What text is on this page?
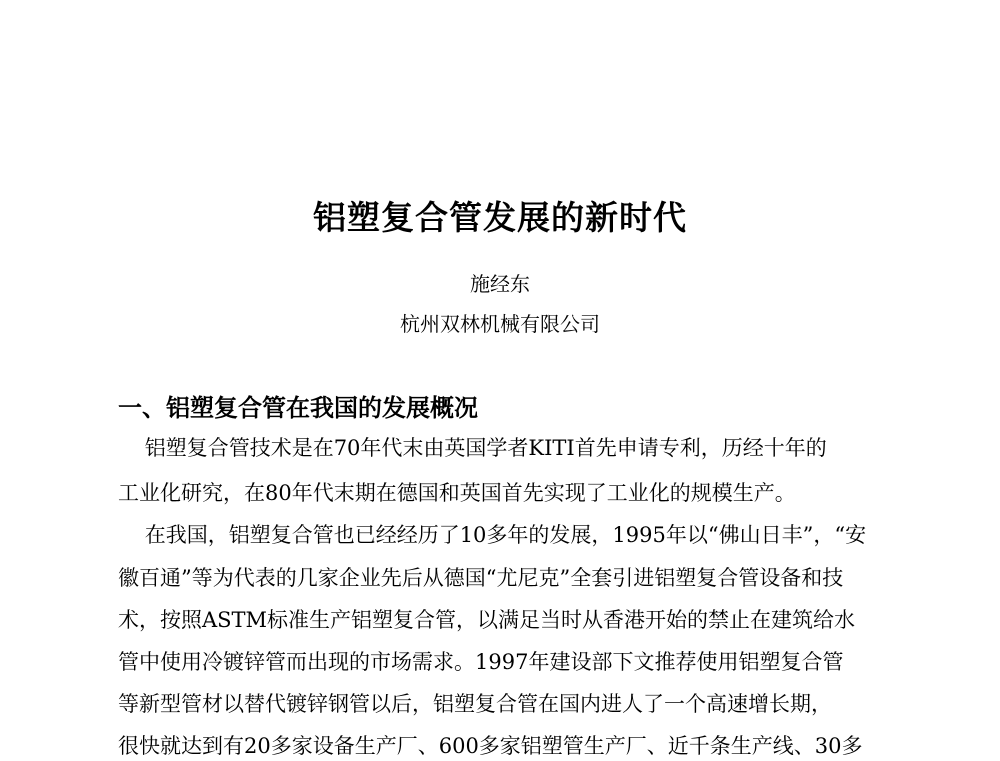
铝塑复合管发展的新时代

施经东

杭州双林机械有限公司

一、铝塑复合管在我国的发展概况

铝塑复合管技术是在70年代末由英国学者KITI首先申请专利，历经十年的

工业化研究，在80年代末期在德国和英国首先实现了工业化的规模生产。

在我国，铝塑复合管也已经经历了10多年的发展，1995年以“佛山日丰”，“安

徽百通”等为代表的几家企业先后从德国“尤尼克”全套引进铝塑复合管设备和技

术，按照ASTM标准生产铝塑复合管，以满足当时从香港开始的禁止在建筑给水

管中使用冷镀锌管而出现的市场需求。1997年建设部下文推荐使用铝塑复合管

等新型管材以替代镀锌钢管以后，铝塑复合管在国内进人了一个高速增长期，

很快就达到有20多家设备生产厂、600多家铝塑管生产厂、近千条生产线、30多
